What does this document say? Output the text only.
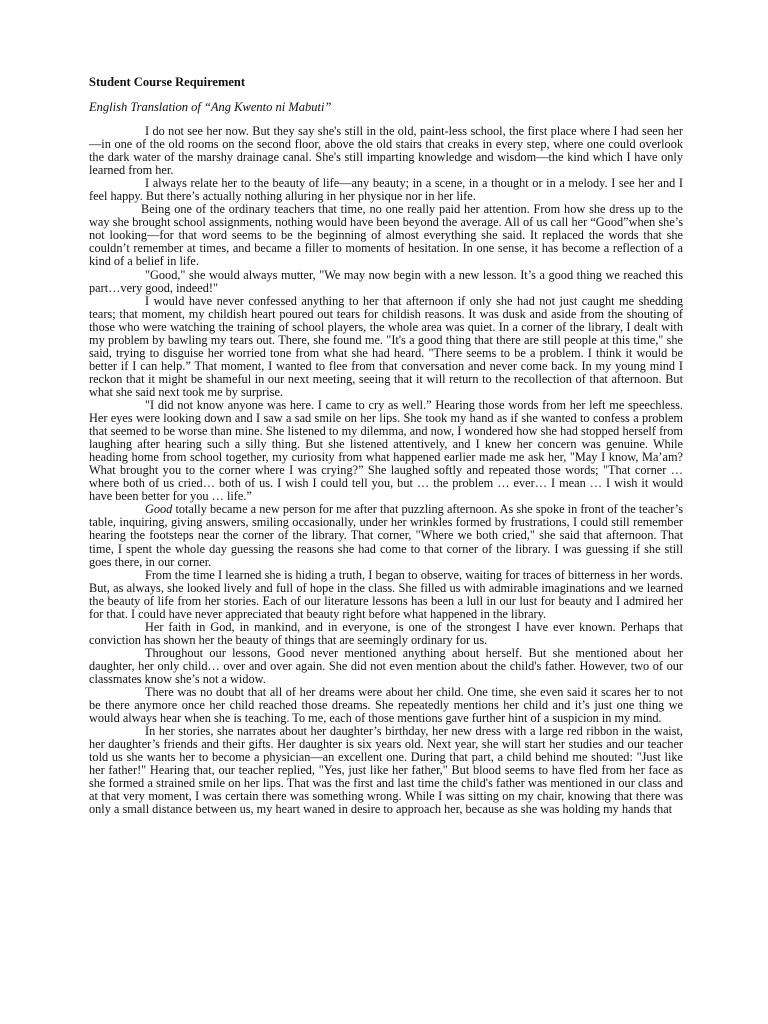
Student Course Requirement
English Translation of “Ang Kwento ni Mabuti”

I do not see her now. But they say she's still in the old, paint-less school, the first place where I had seen her—in one of the old rooms on the second floor, above the old stairs that creaks in every step, where one could overlook the dark water of the marshy drainage canal. She's still imparting knowledge and wisdom—the kind which I have only learned from her.

I always relate her to the beauty of life—any beauty; in a scene, in a thought or in a melody. I see her and I feel happy. But there’s actually nothing alluring in her physique nor in her life.

Being one of the ordinary teachers that time, no one really paid her attention. From how she dress up to the way she brought school assignments, nothing would have been beyond the average. All of us call her “Good”when she’s not looking—for that word seems to be the beginning of almost everything she said. It replaced the words that she couldn’t remember at times, and became a filler to moments of hesitation. In one sense, it has become a reflection of a kind of a belief in life.

"Good," she would always mutter, "We may now begin with a new lesson. It’s a good thing we reached this part…very good, indeed!"

I would have never confessed anything to her that afternoon if only she had not just caught me shedding tears; that moment, my childish heart poured out tears for childish reasons. It was dusk and aside from the shouting of those who were watching the training of school players, the whole area was quiet. In a corner of the library, I dealt with my problem by bawling my tears out. There, she found me. "It's a good thing that there are still people at this time," she said, trying to disguise her worried tone from what she had heard. "There seems to be a problem. I think it would be better if I can help.” That moment, I wanted to flee from that conversation and never come back. In my young mind I reckon that it might be shameful in our next meeting, seeing that it will return to the recollection of that afternoon. But what she said next took me by surprise.

"I did not know anyone was here. I came to cry as well.” Hearing those words from her left me speechless. Her eyes were looking down and I saw a sad smile on her lips. She took my hand as if she wanted to confess a problem that seemed to be worse than mine. She listened to my dilemma, and now, I wondered how she had stopped herself from laughing after hearing such a silly thing. But she listened attentively, and I knew her concern was genuine. While heading home from school together, my curiosity from what happened earlier made me ask her, "May I know, Ma’am? What brought you to the corner where I was crying?” She laughed softly and repeated those words; "That corner …where both of us cried… both of us. I wish I could tell you, but … the problem … ever… I mean … I wish it would have been better for you … life.”

Good totally became a new person for me after that puzzling afternoon. As she spoke in front of the teacher’s table, inquiring, giving answers, smiling occasionally, under her wrinkles formed by frustrations, I could still remember hearing the footsteps near the corner of the library. That corner, "Where we both cried," she said that afternoon. That time, I spent the whole day guessing the reasons she had come to that corner of the library. I was guessing if she still goes there, in our corner.

From the time I learned she is hiding a truth, I began to observe, waiting for traces of bitterness in her words. But, as always, she looked lively and full of hope in the class. She filled us with admirable imaginations and we learned the beauty of life from her stories. Each of our literature lessons has been a lull in our lust for beauty and I admired her for that. I could have never appreciated that beauty right before what happened in the library.

Her faith in God, in mankind, and in everyone, is one of the strongest I have ever known. Perhaps that conviction has shown her the beauty of things that are seemingly ordinary for us.

Throughout our lessons, Good never mentioned anything about herself. But she mentioned about her daughter, her only child… over and over again. She did not even mention about the child's father. However, two of our classmates know she’s not a widow.

There was no doubt that all of her dreams were about her child. One time, she even said it scares her to not be there anymore once her child reached those dreams. She repeatedly mentions her child and it’s just one thing we would always hear when she is teaching. To me, each of those mentions gave further hint of a suspicion in my mind.

In her stories, she narrates about her daughter’s birthday, her new dress with a large red ribbon in the waist, her daughter’s friends and their gifts. Her daughter is six years old. Next year, she will start her studies and our teacher told us she wants her to become a physician—an excellent one. During that part, a child behind me shouted: "Just like her father!" Hearing that, our teacher replied, "Yes, just like her father," But blood seems to have fled from her face as she formed a strained smile on her lips. That was the first and last time the child's father was mentioned in our class and at that very moment, I was certain there was something wrong. While I was sitting on my chair, knowing that there was only a small distance between us, my heart waned in desire to approach her, because as she was holding my hands that
